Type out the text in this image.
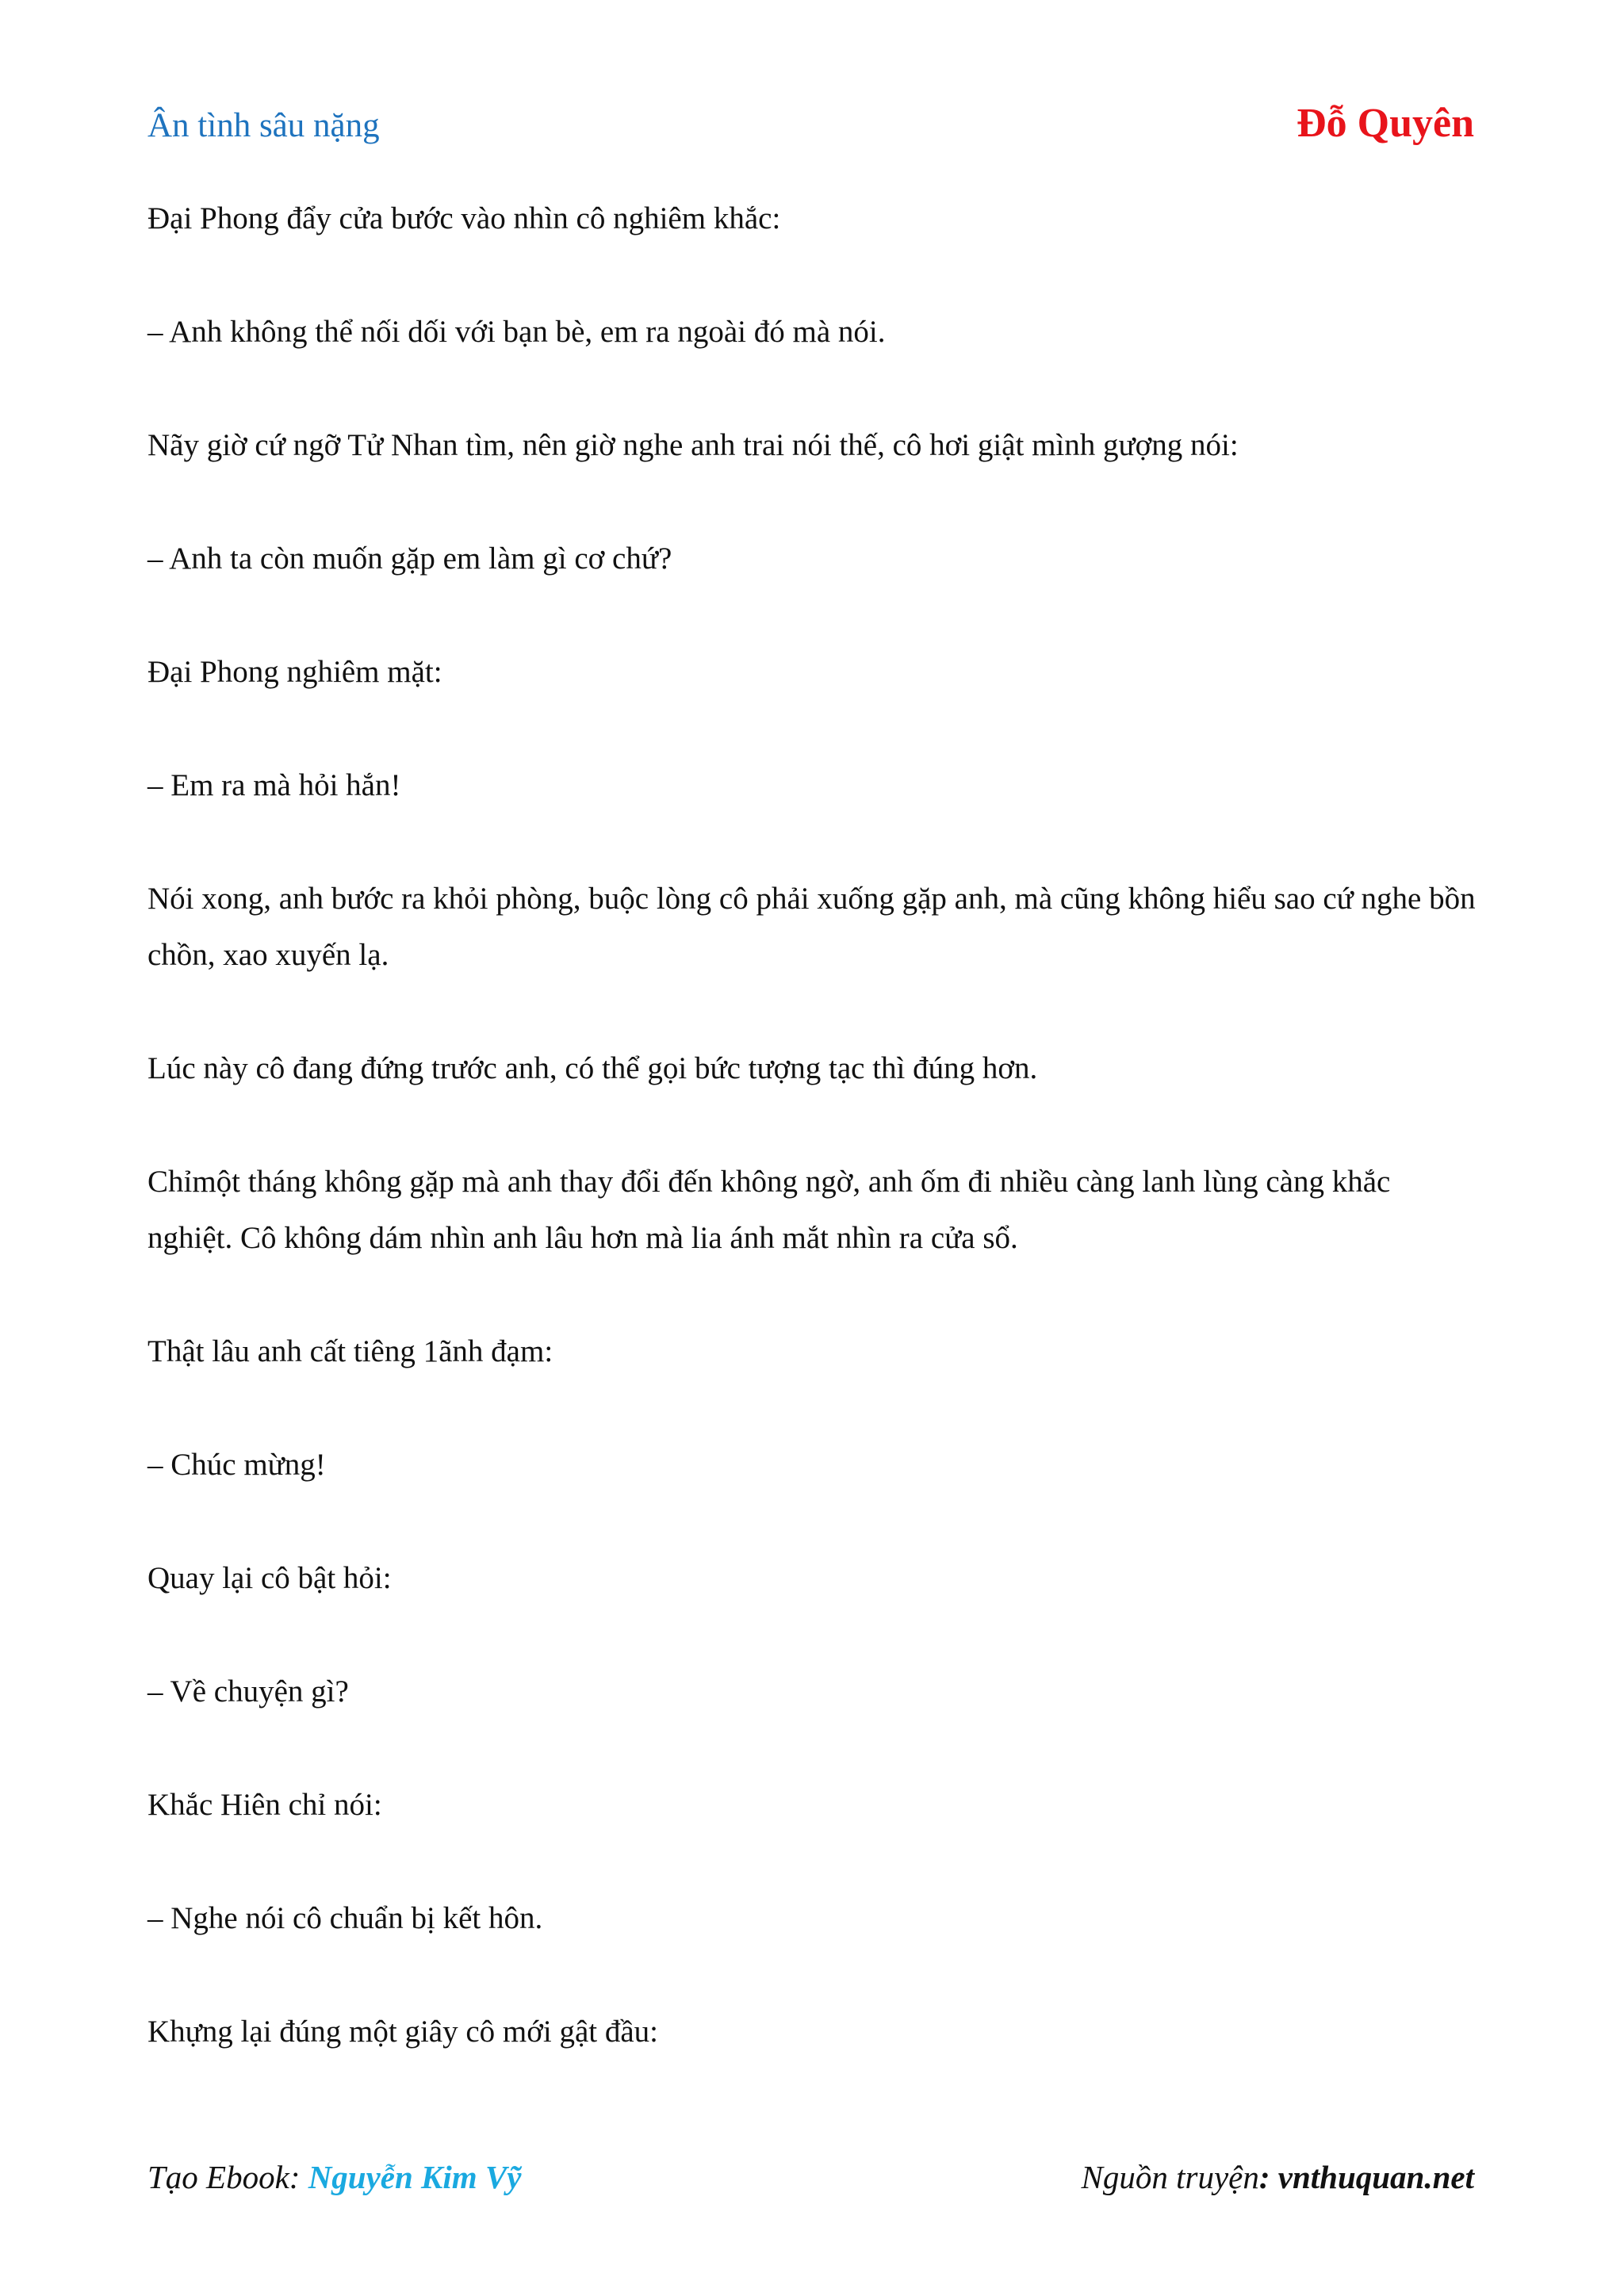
Ân tình sâu nặng	Đỗ Quyên

Đại Phong đẩy cửa bước vào nhìn cô nghiêm khắc:

– Anh không thể nối dối với bạn bè, em ra ngoài đó mà nói.

Nãy giờ cứ ngỡ Tử Nhan tìm, nên giờ nghe anh trai nói thế, cô hơi giật mình gượng nói:

– Anh ta còn muốn gặp em làm gì cơ chứ?

Đại Phong nghiêm mặt:

– Em ra mà hỏi hắn!

Nói xong, anh bước ra khỏi phòng, buộc lòng cô phải xuống gặp anh, mà cũng không hiểu sao cứ nghe bồn chồn, xao xuyến lạ.

Lúc này cô đang đứng trước anh, có thể gọi bức tượng tạc thì đúng hơn.

Chỉmột tháng không gặp mà anh thay đổi đến không ngờ, anh ốm đi nhiều càng lanh lùng càng khắc nghiệt. Cô không dám nhìn anh lâu hơn mà lia ánh mắt nhìn ra cửa sổ.

Thật lâu anh cất tiêng 1ãnh đạm:

– Chúc mừng!

Quay lại cô bật hỏi:

– Về chuyện gì?

Khắc Hiên chỉ nói:

– Nghe nói cô chuẩn bị kết hôn.

Khựng lại đúng một giây cô mới gật đầu:

Tạo Ebook: Nguyễn Kim Vỹ	Nguồn truyện: vnthuquan.net
